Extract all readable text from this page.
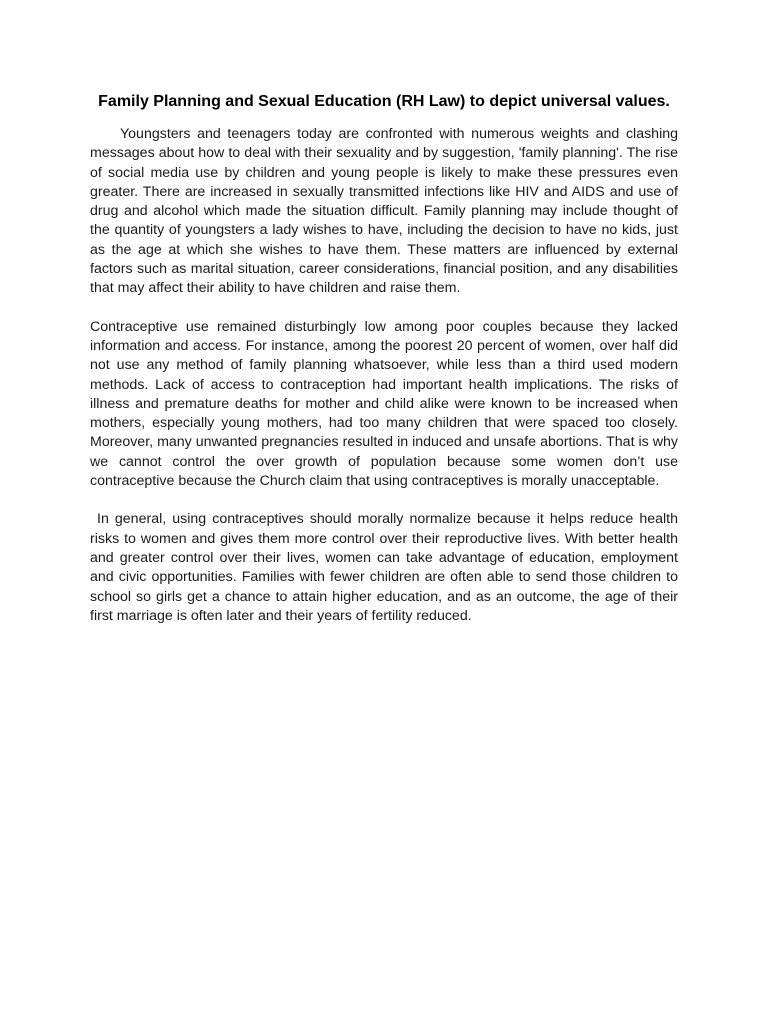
Family Planning and Sexual Education (RH Law) to depict universal values.

Youngsters and teenagers today are confronted with numerous weights and clashing messages about how to deal with their sexuality and by suggestion, 'family planning'. The rise of social media use by children and young people is likely to make these pressures even greater. There are increased in sexually transmitted infections like HIV and AIDS and use of drug and alcohol which made the situation difficult. Family planning may include thought of the quantity of youngsters a lady wishes to have, including the decision to have no kids, just as the age at which she wishes to have them. These matters are influenced by external factors such as marital situation, career considerations, financial position, and any disabilities that may affect their ability to have children and raise them.

Contraceptive use remained disturbingly low among poor couples because they lacked information and access. For instance, among the poorest 20 percent of women, over half did not use any method of family planning whatsoever, while less than a third used modern methods. Lack of access to contraception had important health implications. The risks of illness and premature deaths for mother and child alike were known to be increased when mothers, especially young mothers, had too many children that were spaced too closely. Moreover, many unwanted pregnancies resulted in induced and unsafe abortions. That is why we cannot control the over growth of population because some women don’t use contraceptive because the Church claim that using contraceptives is morally unacceptable.

In general, using contraceptives should morally normalize because it helps reduce health risks to women and gives them more control over their reproductive lives. With better health and greater control over their lives, women can take advantage of education, employment and civic opportunities. Families with fewer children are often able to send those children to school so girls get a chance to attain higher education, and as an outcome, the age of their first marriage is often later and their years of fertility reduced.
